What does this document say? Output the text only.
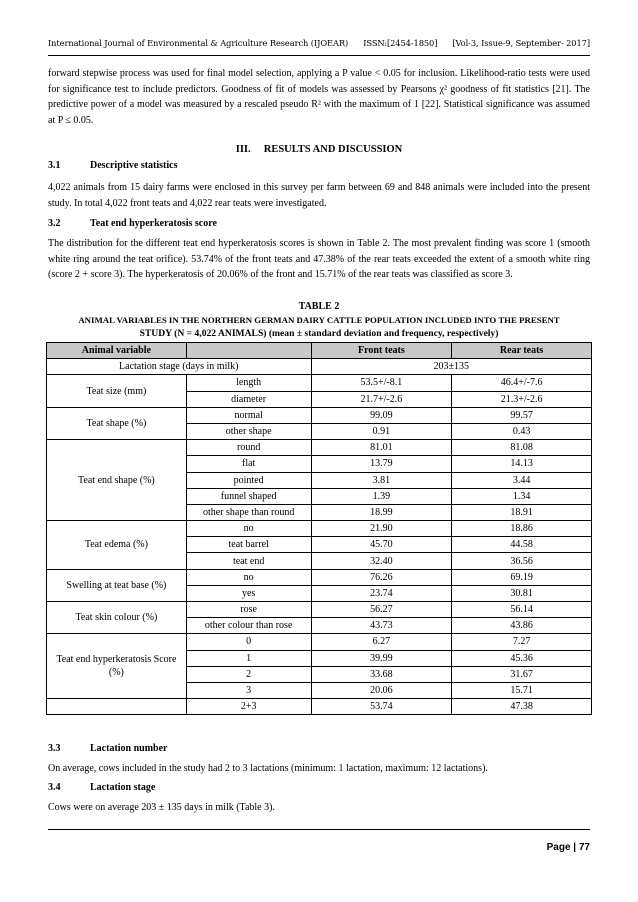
International Journal of Environmental & Agriculture Research (IJOEAR) ISSN:[2454-1850] [Vol-3, Issue-9, September- 2017]
forward stepwise process was used for final model selection, applying a P value < 0.05 for inclusion. Likelihood-ratio tests were used for significance test to include predictors. Goodness of fit of models was assessed by Pearsons χ² goodness of fit statistics [21]. The predictive power of a model was measured by a rescaled pseudo R² with the maximum of 1 [22]. Statistical significance was assumed at P ≤ 0.05.
III. RESULTS AND DISCUSSION
3.1	Descriptive statistics
4,022 animals from 15 dairy farms were enclosed in this survey per farm between 69 and 848 animals were included into the present study. In total 4,022 front teats and 4,022 rear teats were investigated.
3.2	Teat end hyperkeratosis score
The distribution for the different teat end hyperkeratosis scores is shown in Table 2. The most prevalent finding was score 1 (smooth white ring around the teat orifice). 53.74% of the front teats and 47.38% of the rear teats exceeded the extent of a smooth white ring (score 2 + score 3). The hyperkeratosis of 20.06% of the front and 15.71% of the rear teats was classified as score 3.
TABLE 2
ANIMAL VARIABLES IN THE NORTHERN GERMAN DAIRY CATTLE POPULATION INCLUDED INTO THE PRESENT
STUDY (N = 4,022 ANIMALS) (mean ± standard deviation and frequency, respectively)
Animal variable		Front teats	Rear teats
Lactation stage (days in milk)		203±135	
Teat size (mm)	length	53.5+/-8.1	46.4+/-7.6
	diameter	21.7+/-2.6	21.3+/-2.6
Teat shape (%)	normal	99.09	99.57
	other shape	0.91	0.43
Teat end shape (%)	round	81.01	81.08
	flat	13.79	14.13
	pointed	3.81	3.44
	funnel shaped	1.39	1.34
	other shape than round	18.99	18.91
Teat edema (%)	no	21.90	18.86
	teat barrel	45.70	44.58
	teat end	32.40	36.56
Swelling at teat base (%)	no	76.26	69.19
	yes	23.74	30.81
Teat skin colour (%)	rose	56.27	56.14
	other colour than rose	43.73	43.86
Teat end hyperkeratosis Score (%)	0	6.27	7.27
	1	39.99	45.36
	2	33.68	31.67
	3	20.06	15.71
	2+3	53.74	47.38
3.3	Lactation number
On average, cows included in the study had 2 to 3 lactations (minimum: 1 lactation, maximum: 12 lactations).
3.4	Lactation stage
Cows were on average 203 ± 135 days in milk (Table 3).
Page | 77
